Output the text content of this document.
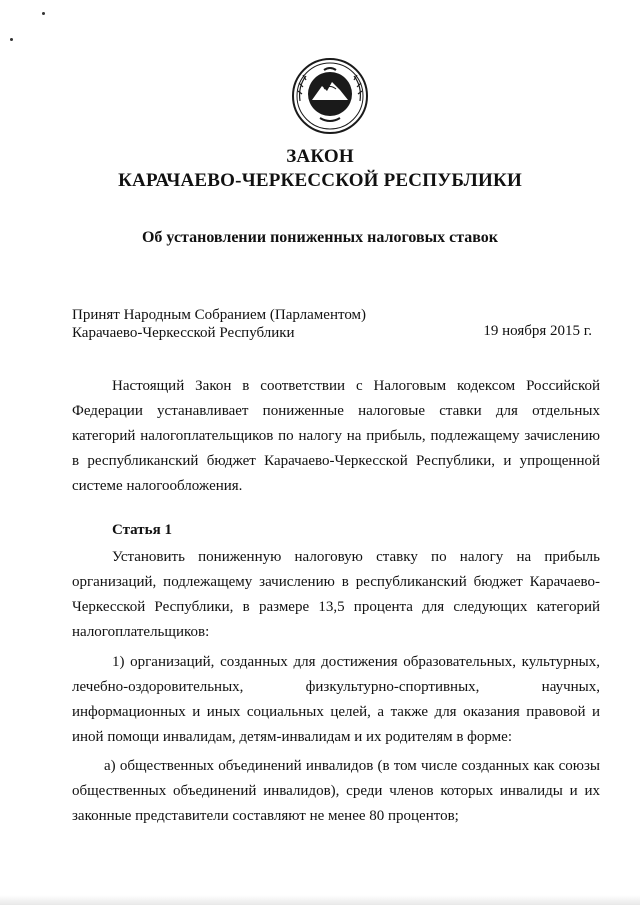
ЗАКОН
КАРАЧАЕВО-ЧЕРКЕССКОЙ РЕСПУБЛИКИ
Об установлении пониженных налоговых ставок
Принят Народным Собранием (Парламентом)
Карачаево-Черкесской Республики	19 ноября 2015 г.

Настоящий Закон в соответствии с Налоговым кодексом Российской Федерации устанавливает пониженные налоговые ставки для отдельных категорий налогоплательщиков по налогу на прибыль, подлежащему зачислению в республиканский бюджет Карачаево-Черкесской Республики, и упрощенной системе налогообложения.

Статья 1

Установить пониженную налоговую ставку по налогу на прибыль организаций, подлежащему зачислению в республиканский бюджет Карачаево-Черкесской Республики, в размере 13,5 процента для следующих категорий налогоплательщиков:

1) организаций, созданных для достижения образовательных, культурных, лечебно-оздоровительных, физкультурно-спортивных, научных, информационных и иных социальных целей, а также для оказания правовой и иной помощи инвалидам, детям-инвалидам и их родителям в форме:

а) общественных объединений инвалидов (в том числе созданных как союзы общественных объединений инвалидов), среди членов которых инвалиды и их законные представители составляют не менее 80 процентов;
